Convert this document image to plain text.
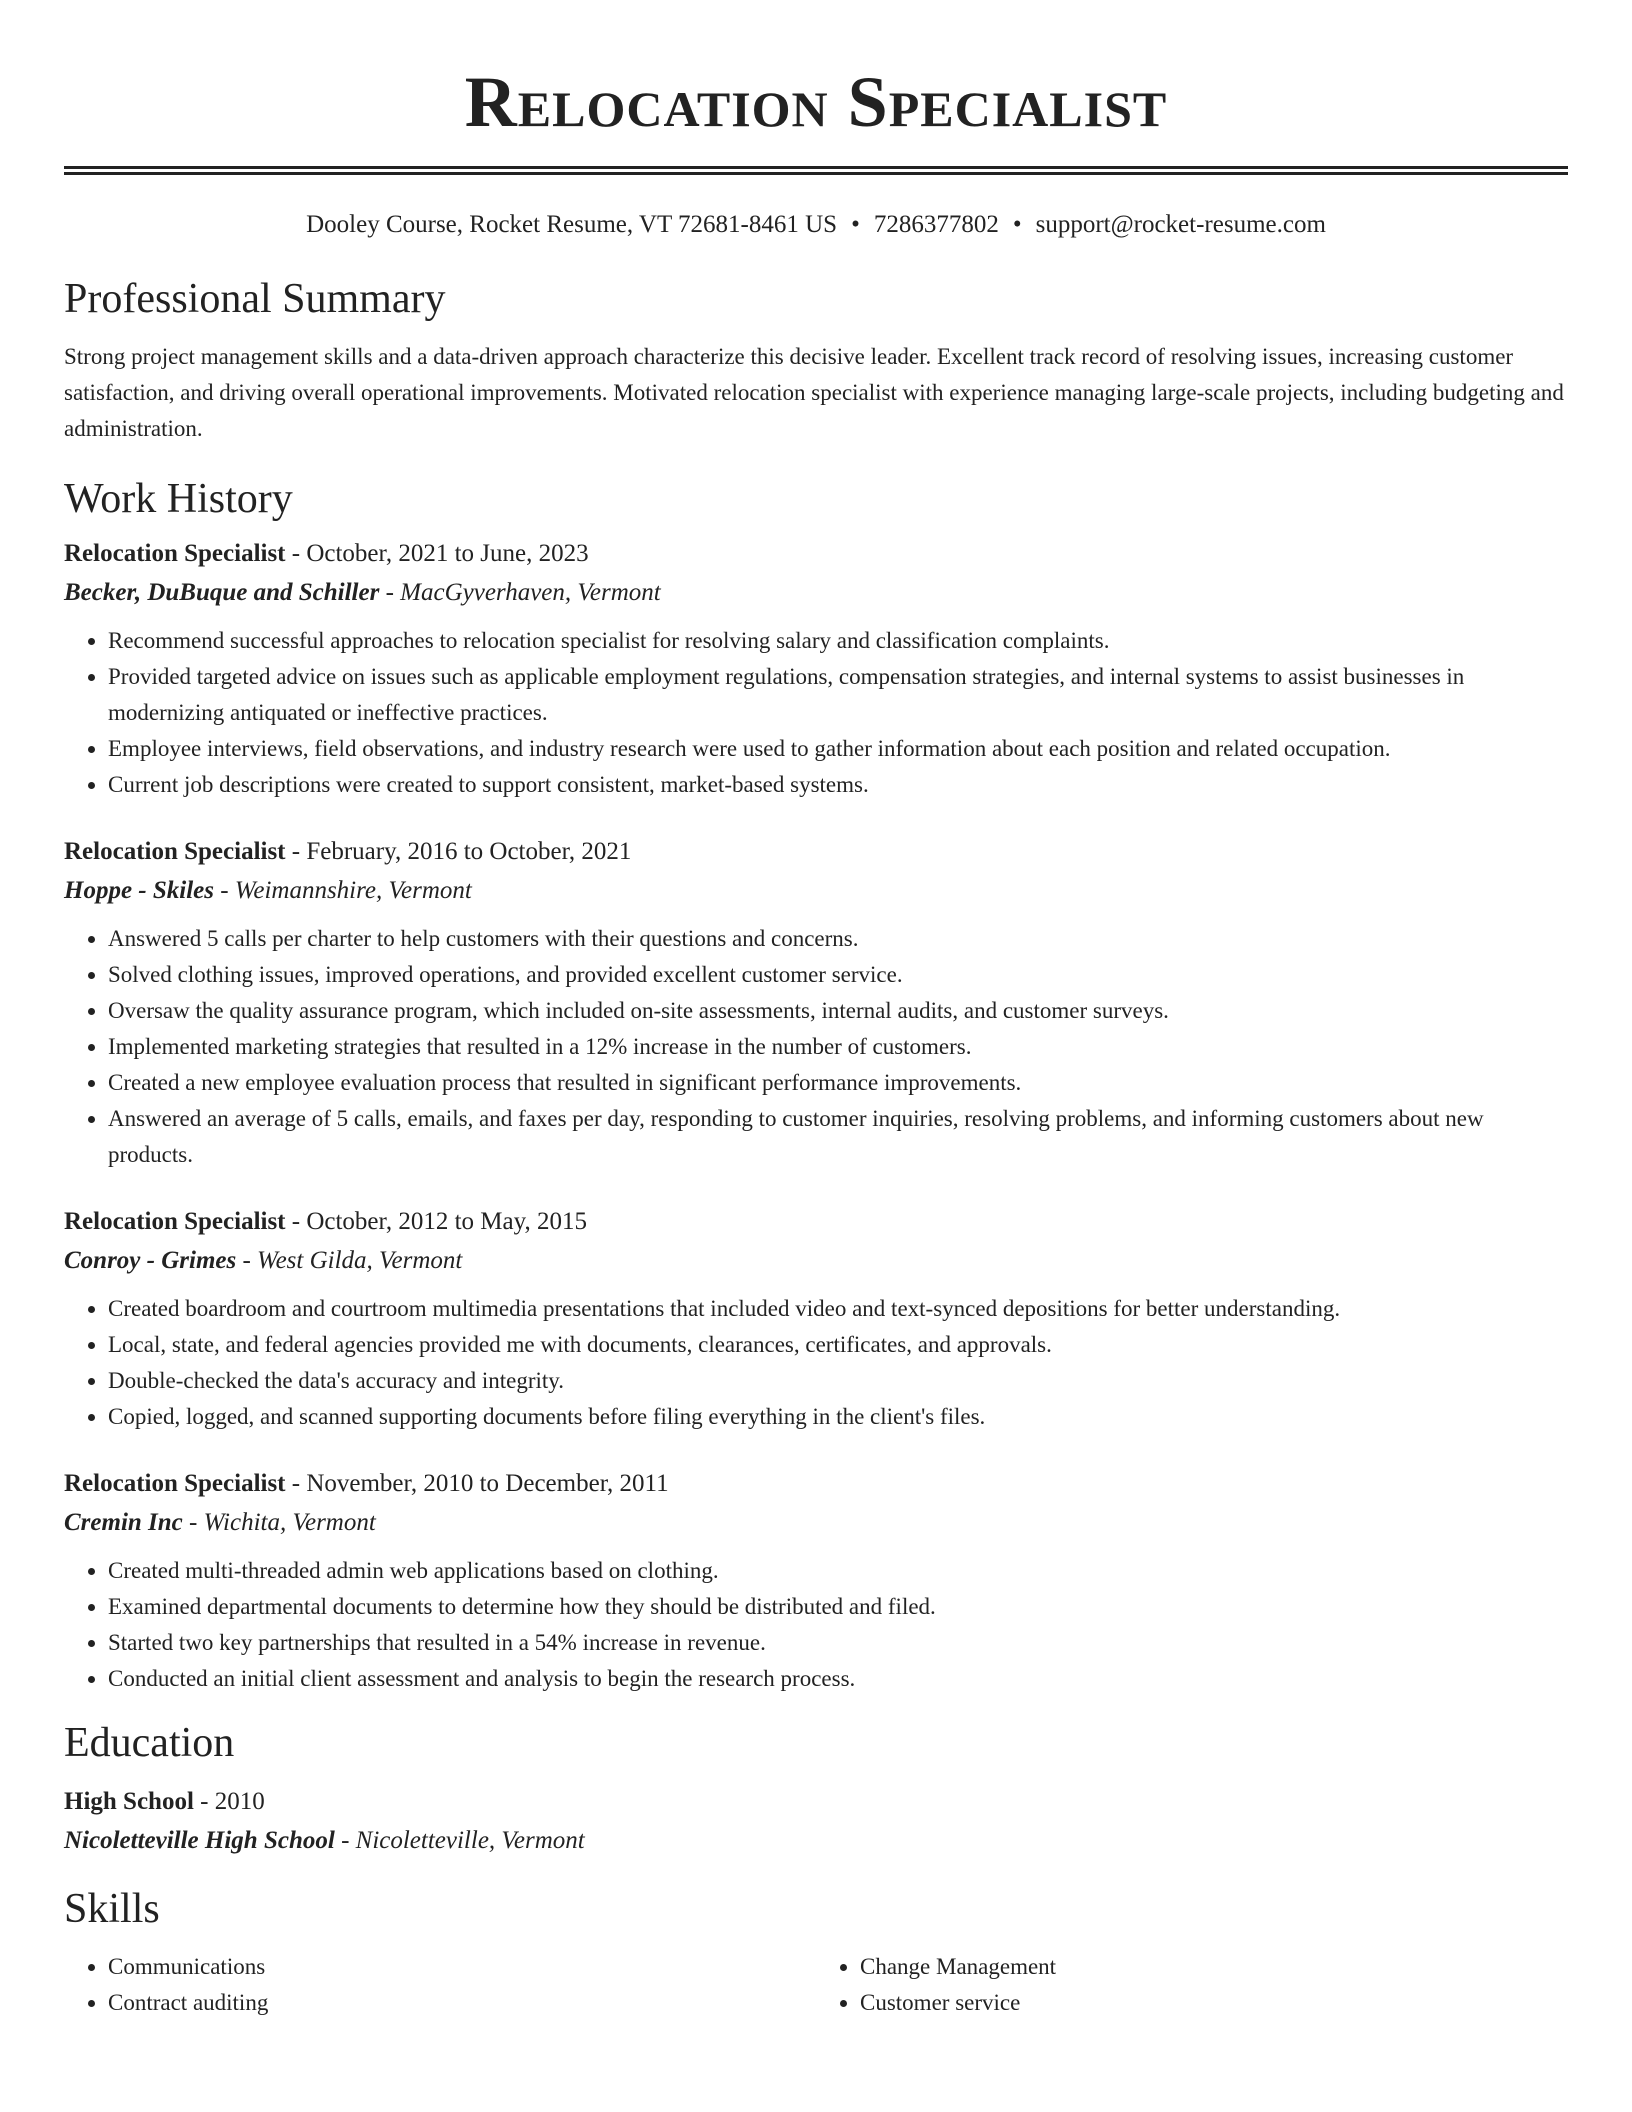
Relocation Specialist
Dooley Course, Rocket Resume, VT 72681-8461 US • 7286377802 • support@rocket-resume.com
Professional Summary

Strong project management skills and a data-driven approach characterize this decisive leader. Excellent track record of resolving issues, increasing customer satisfaction, and driving overall operational improvements. Motivated relocation specialist with experience managing large-scale projects, including budgeting and administration.

Work History
Relocation Specialist - October, 2021 to June, 2023
Becker, DuBuque and Schiller - MacGyverhaven, Vermont
• Recommend successful approaches to relocation specialist for resolving salary and classification complaints.
• Provided targeted advice on issues such as applicable employment regulations, compensation strategies, and internal systems to assist businesses in modernizing antiquated or ineffective practices.
• Employee interviews, field observations, and industry research were used to gather information about each position and related occupation.
• Current job descriptions were created to support consistent, market-based systems.
Relocation Specialist - February, 2016 to October, 2021
Hoppe - Skiles - Weimannshire, Vermont
• Answered 5 calls per charter to help customers with their questions and concerns.
• Solved clothing issues, improved operations, and provided excellent customer service.
• Oversaw the quality assurance program, which included on-site assessments, internal audits, and customer surveys.
• Implemented marketing strategies that resulted in a 12% increase in the number of customers.
• Created a new employee evaluation process that resulted in significant performance improvements.
• Answered an average of 5 calls, emails, and faxes per day, responding to customer inquiries, resolving problems, and informing customers about new products.
Relocation Specialist - October, 2012 to May, 2015
Conroy - Grimes - West Gilda, Vermont
• Created boardroom and courtroom multimedia presentations that included video and text-synced depositions for better understanding.
• Local, state, and federal agencies provided me with documents, clearances, certificates, and approvals.
• Double-checked the data's accuracy and integrity.
• Copied, logged, and scanned supporting documents before filing everything in the client's files.
Relocation Specialist - November, 2010 to December, 2011
Cremin Inc - Wichita, Vermont
• Created multi-threaded admin web applications based on clothing.
• Examined departmental documents to determine how they should be distributed and filed.
• Started two key partnerships that resulted in a 54% increase in revenue.
• Conducted an initial client assessment and analysis to begin the research process.
Education
High School - 2010
Nicoletteville High School - Nicoletteville, Vermont
Skills
• Communications
• Contract auditing
• Change Management
• Customer service
